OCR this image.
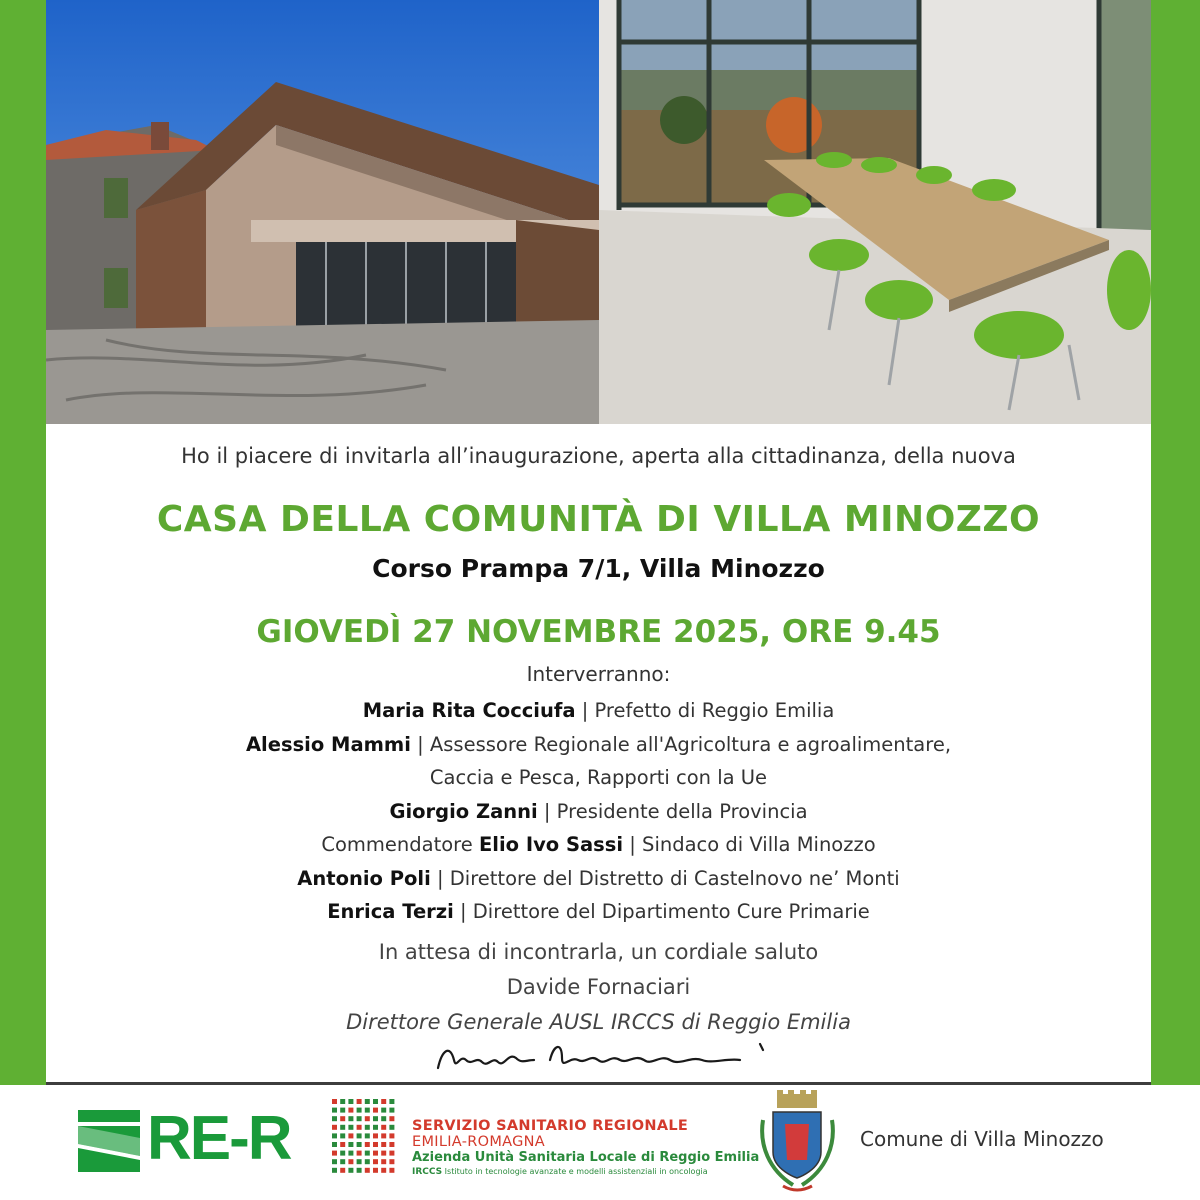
Ho il piacere di invitarla all’inaugurazione, aperta alla cittadinanza, della nuova
CASA DELLA COMUNITÀ DI VILLA MINOZZO
Corso Prampa 7/1, Villa Minozzo
GIOVEDÌ 27 NOVEMBRE 2025, ORE 9.45
Interverranno:
Maria Rita Cocciufa | Prefetto di Reggio Emilia
Alessio Mammi | Assessore Regionale all'Agricoltura e agroalimentare,
Caccia e Pesca, Rapporti con la Ue
Giorgio Zanni | Presidente della Provincia
Commendatore Elio Ivo Sassi | Sindaco di Villa Minozzo
Antonio Poli | Direttore del Distretto di Castelnovo ne’ Monti
Enrica Terzi | Direttore del Dipartimento Cure Primarie
In attesa di incontrarla, un cordiale saluto
Davide Fornaciari
Direttore Generale AUSL IRCCS di Reggio Emilia
RE-R	SERVIZIO SANITARIO REGIONALE
EMILIA-ROMAGNA
Azienda Unità Sanitaria Locale di Reggio Emilia
IRCCS Istituto in tecnologie avanzate e modelli assistenziali in oncologia
Comune di Villa Minozzo
